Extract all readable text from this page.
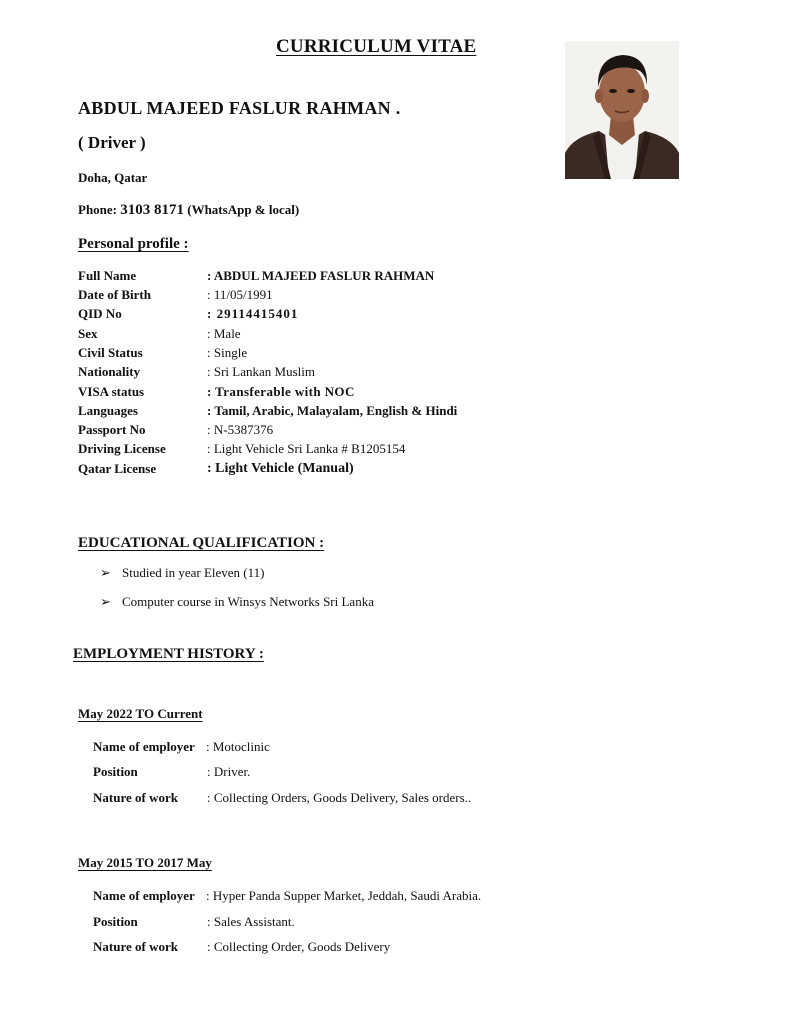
CURRICULUM VITAE
ABDUL MAJEED FASLUR RAHMAN .
( Driver )
Doha, Qatar
Phone: 3103 8171 (WhatsApp & local)
Personal profile :
Full Name	: ABDUL MAJEED FASLUR RAHMAN
Date of Birth	: 11/05/1991
QID No	: 29114415401
Sex	: Male
Civil Status	: Single
Nationality	: Sri Lankan Muslim
VISA status	: Transferable with NOC
Languages	: Tamil, Arabic, Malayalam, English & Hindi
Passport No	: N-5387376
Driving License	: Light Vehicle Sri Lanka # B1205154
Qatar License	: Light Vehicle (Manual)
EDUCATIONAL QUALIFICATION :
➢ Studied in year Eleven (11)
➢ Computer course in Winsys Networks Sri Lanka
EMPLOYMENT HISTORY :
May 2022 TO Current
Name of employer : Motoclinic
Position	: Driver.
Nature of work : Collecting Orders, Goods Delivery, Sales orders..
May 2015 TO 2017 May
Name of employer : Hyper Panda Supper Market, Jeddah, Saudi Arabia.
Position	: Sales Assistant.
Nature of work : Collecting Order, Goods Delivery
